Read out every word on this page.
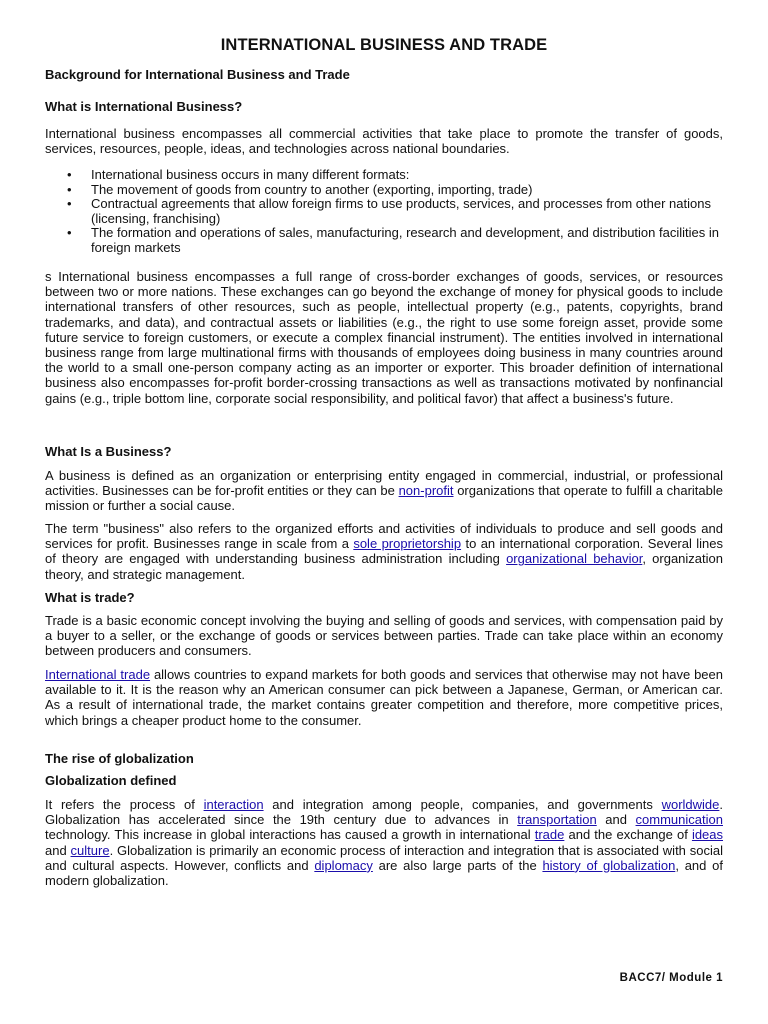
INTERNATIONAL BUSINESS AND TRADE
Background for International Business and Trade
What is International Business?

International business encompasses all commercial activities that take place to promote the transfer of goods, services, resources, people, ideas, and technologies across national boundaries.

• International business occurs in many different formats:
• The movement of goods from country to another (exporting, importing, trade)
• Contractual agreements that allow foreign firms to use products, services, and processes from other nations (licensing, franchising)
• The formation and operations of sales, manufacturing, research and development, and distribution facilities in foreign markets

s International business encompasses a full range of cross-border exchanges of goods, services, or resources between two or more nations. These exchanges can go beyond the exchange of money for physical goods to include international transfers of other resources, such as people, intellectual property (e.g., patents, copyrights, brand trademarks, and data), and contractual assets or liabilities (e.g., the right to use some foreign asset, provide some future service to foreign customers, or execute a complex financial instrument). The entities involved in international business range from large multinational firms with thousands of employees doing business in many countries around the world to a small one-person company acting as an importer or exporter. This broader definition of international business also encompasses for-profit border-crossing transactions as well as transactions motivated by nonfinancial gains (e.g., triple bottom line, corporate social responsibility, and political favor) that affect a business's future.

What Is a Business?

A business is defined as an organization or enterprising entity engaged in commercial, industrial, or professional activities. Businesses can be for-profit entities or they can be non-profit organizations that operate to fulfill a charitable mission or further a social cause.

The term "business" also refers to the organized efforts and activities of individuals to produce and sell goods and services for profit. Businesses range in scale from a sole proprietorship to an international corporation. Several lines of theory are engaged with understanding business administration including organizational behavior, organization theory, and strategic management.

What is trade?

Trade is a basic economic concept involving the buying and selling of goods and services, with compensation paid by a buyer to a seller, or the exchange of goods or services between parties. Trade can take place within an economy between producers and consumers.

International trade allows countries to expand markets for both goods and services that otherwise may not have been available to it. It is the reason why an American consumer can pick between a Japanese, German, or American car. As a result of international trade, the market contains greater competition and therefore, more competitive prices, which brings a cheaper product home to the consumer.

The rise of globalization
Globalization defined

It refers the process of interaction and integration among people, companies, and governments worldwide. Globalization has accelerated since the 19th century due to advances in transportation and communication technology. This increase in global interactions has caused a growth in international trade and the exchange of ideas and culture. Globalization is primarily an economic process of interaction and integration that is associated with social and cultural aspects. However, conflicts and diplomacy are also large parts of the history of globalization, and of modern globalization.

BACC7/ Module 1
